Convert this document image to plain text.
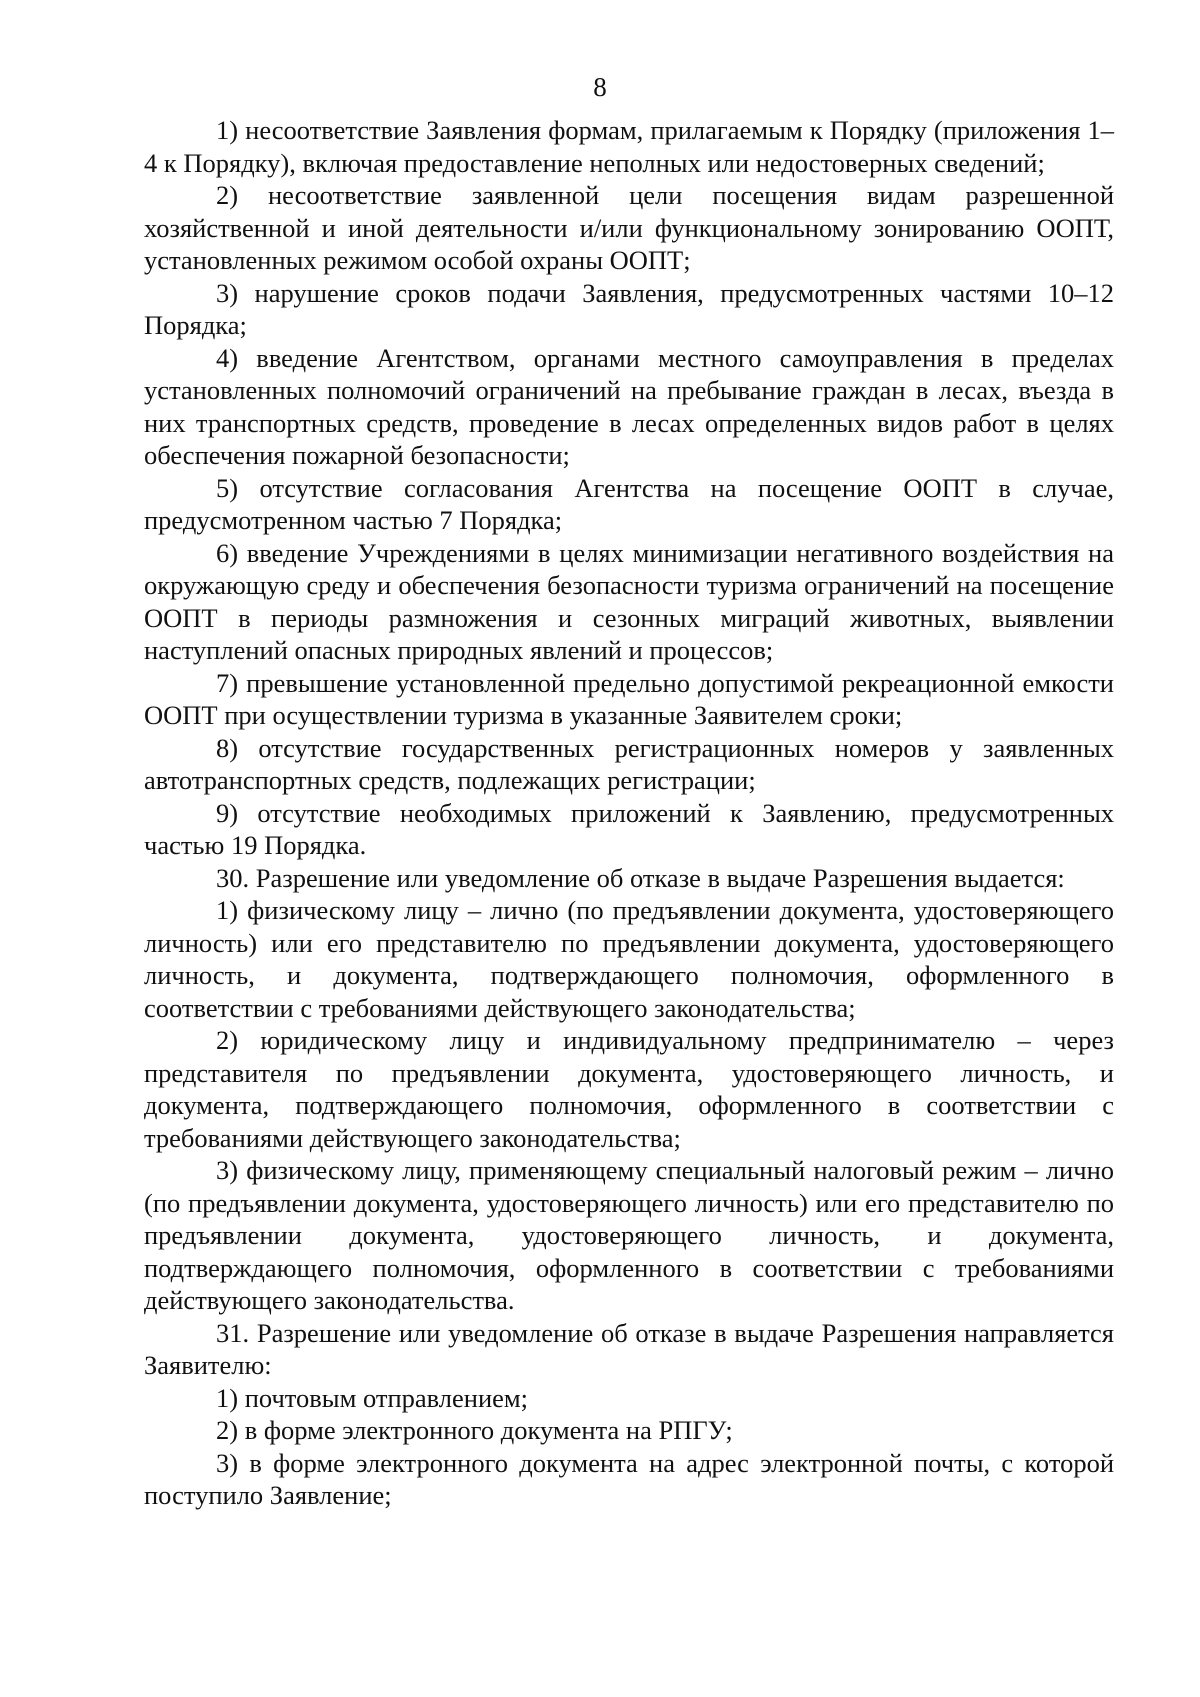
8

1) несоответствие Заявления формам, прилагаемым к Порядку (приложения 1–4 к Порядку), включая предоставление неполных или недостоверных сведений;

2) несоответствие заявленной цели посещения видам разрешенной хозяйственной и иной деятельности и/или функциональному зонированию ООПТ, установленных режимом особой охраны ООПТ;

3) нарушение сроков подачи Заявления, предусмотренных частями 10–12 Порядка;

4) введение Агентством, органами местного самоуправления в пределах установленных полномочий ограничений на пребывание граждан в лесах, въезда в них транспортных средств, проведение в лесах определенных видов работ в целях обеспечения пожарной безопасности;

5) отсутствие согласования Агентства на посещение ООПТ в случае, предусмотренном частью 7 Порядка;

6) введение Учреждениями в целях минимизации негативного воздействия на окружающую среду и обеспечения безопасности туризма ограничений на посещение ООПТ в периоды размножения и сезонных миграций животных, выявлении наступлений опасных природных явлений и процессов;

7) превышение установленной предельно допустимой рекреационной емкости ООПТ при осуществлении туризма в указанные Заявителем сроки;

8) отсутствие государственных регистрационных номеров у заявленных автотранспортных средств, подлежащих регистрации;

9) отсутствие необходимых приложений к Заявлению, предусмотренных частью 19 Порядка.

30. Разрешение или уведомление об отказе в выдаче Разрешения выдается:

1) физическому лицу – лично (по предъявлении документа, удостоверяющего личность) или его представителю по предъявлении документа, удостоверяющего личность, и документа, подтверждающего полномочия, оформленного в соответствии с требованиями действующего законодательства;

2) юридическому лицу и индивидуальному предпринимателю – через представителя по предъявлении документа, удостоверяющего личность, и документа, подтверждающего полномочия, оформленного в соответствии с требованиями действующего законодательства;

3) физическому лицу, применяющему специальный налоговый режим – лично (по предъявлении документа, удостоверяющего личность) или его представителю по предъявлении документа, удостоверяющего личность, и документа, подтверждающего полномочия, оформленного в соответствии с требованиями действующего законодательства.

31. Разрешение или уведомление об отказе в выдаче Разрешения направляется Заявителю:

1) почтовым отправлением;

2) в форме электронного документа на РПГУ;

3) в форме электронного документа на адрес электронной почты, с которой поступило Заявление;
